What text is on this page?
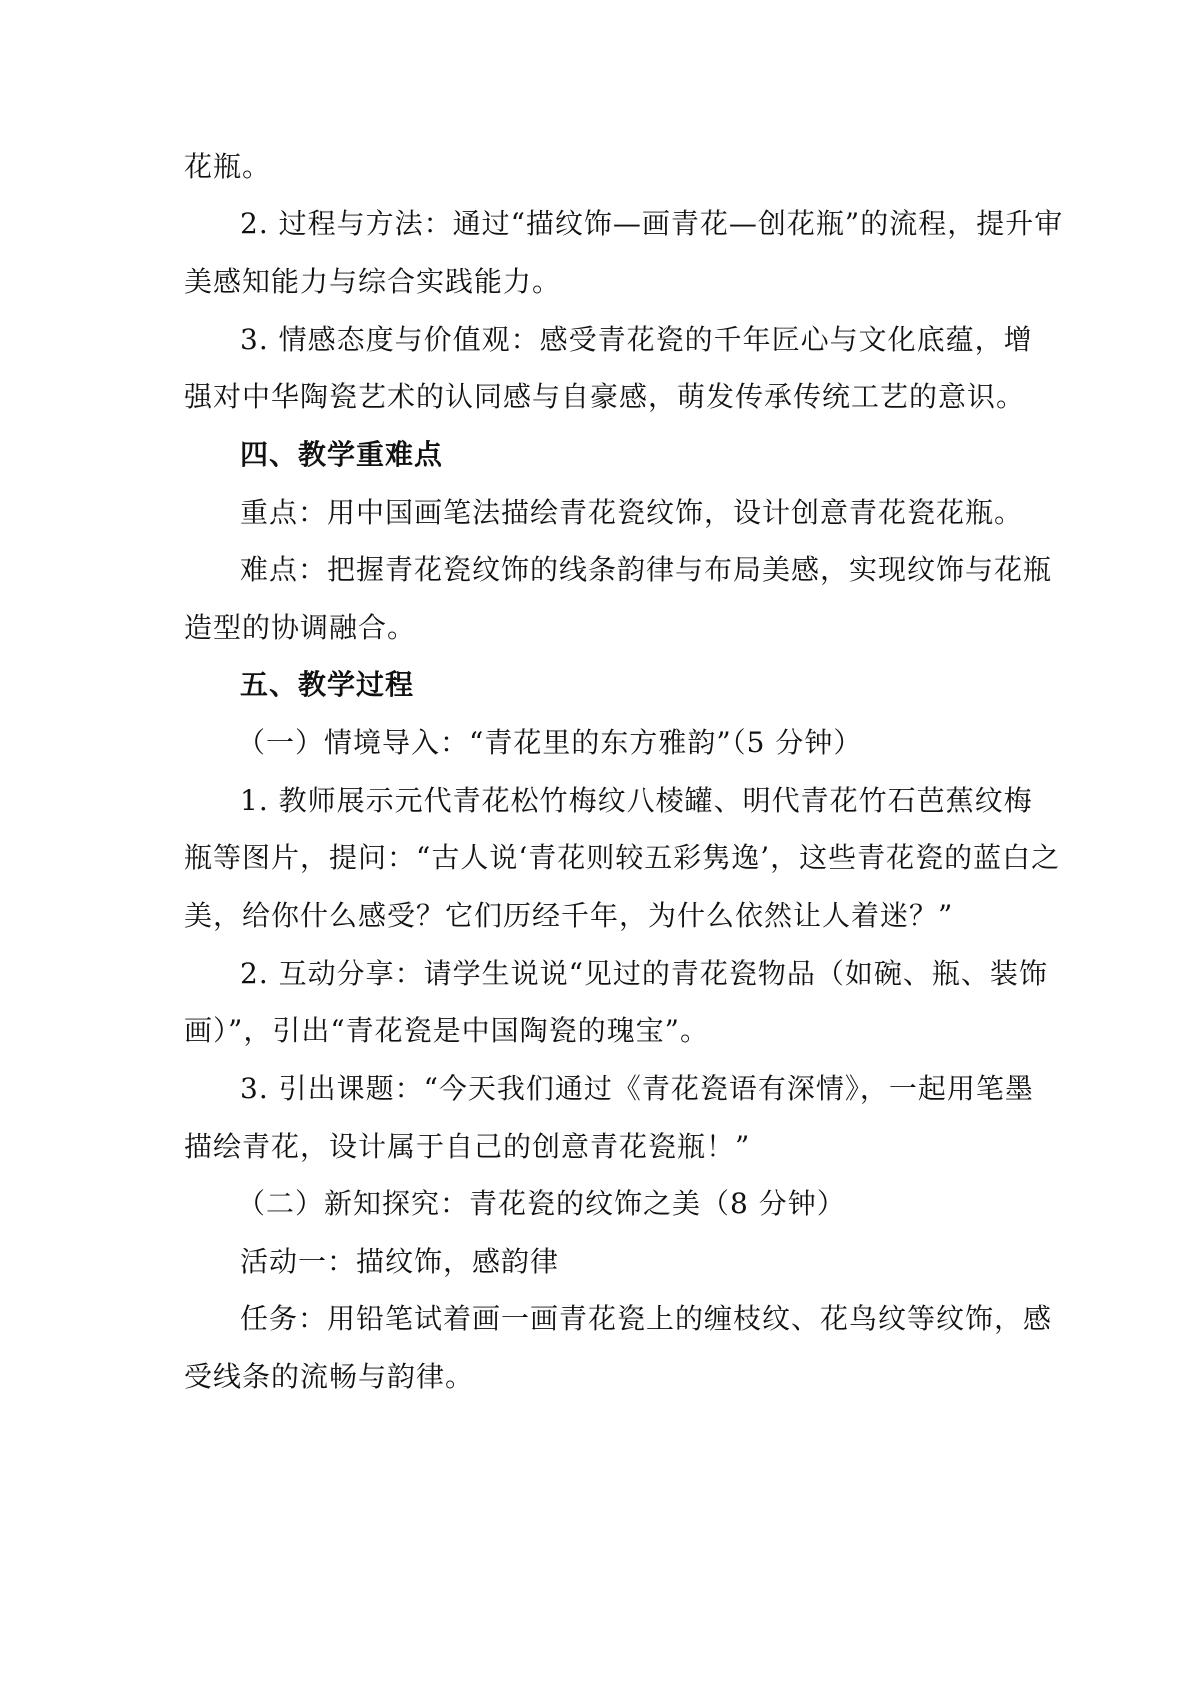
花瓶。
2. 过程与方法：通过“描纹饰—画青花—创花瓶”的流程，提升审
美感知能力与综合实践能力。
3. 情感态度与价值观：感受青花瓷的千年匠心与文化底蕴，增
强对中华陶瓷艺术的认同感与自豪感，萌发传承传统工艺的意识。
四、教学重难点
重点：用中国画笔法描绘青花瓷纹饰，设计创意青花瓷花瓶。
难点：把握青花瓷纹饰的线条韵律与布局美感，实现纹饰与花瓶
造型的协调融合。
五、教学过程
（一）情境导入：“青花里的东方雅韵”（5 分钟）
1. 教师展示元代青花松竹梅纹八棱罐、明代青花竹石芭蕉纹梅
瓶等图片，提问：“古人说‘青花则较五彩隽逸’，这些青花瓷的蓝白之
美，给你什么感受？它们历经千年，为什么依然让人着迷？”
2. 互动分享：请学生说说“见过的青花瓷物品（如碗、瓶、装饰
画）”，引出“青花瓷是中国陶瓷的瑰宝”。
3. 引出课题：“今天我们通过《青花瓷语有深情》，一起用笔墨
描绘青花，设计属于自己的创意青花瓷瓶！”
（二）新知探究：青花瓷的纹饰之美（8 分钟）
活动一：描纹饰，感韵律
任务：用铅笔试着画一画青花瓷上的缠枝纹、花鸟纹等纹饰，感
受线条的流畅与韵律。
